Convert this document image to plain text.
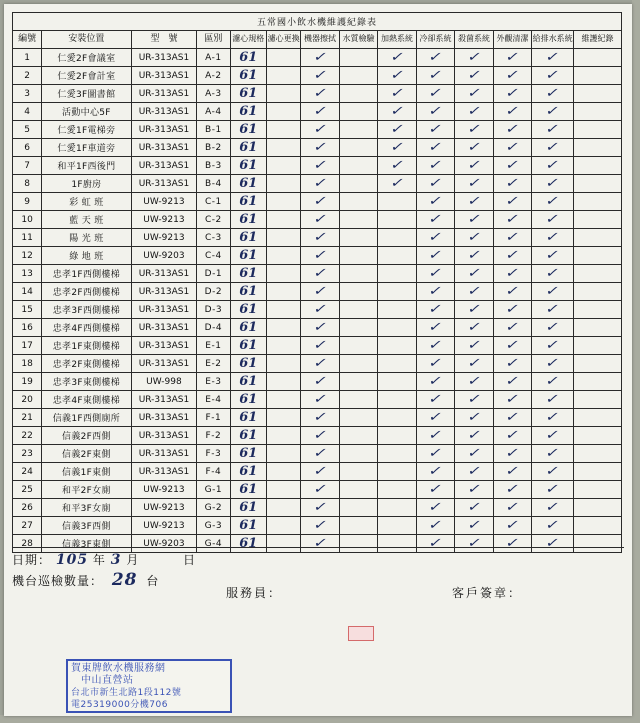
五常國小飲水機維護紀錄表													
編號	安裝位置	型　號	區別	濾心規格	濾心更換	機器擦拭	水質檢驗	加熱系統	冷卻系統	殺菌系統	外觀清潔	給排水系統	維護紀錄
1	仁愛2F會議室	UR-313AS1	A-1	61		✓		✓	✓	✓	✓	✓	
2	仁愛2F會計室	UR-313AS1	A-2	61		✓		✓	✓	✓	✓	✓	
3	仁愛3F圖書館	UR-313AS1	A-3	61		✓		✓	✓	✓	✓	✓	
4	活動中心5F	UR-313AS1	A-4	61		✓		✓	✓	✓	✓	✓	
5	仁愛1F電梯旁	UR-313AS1	B-1	61		✓		✓	✓	✓	✓	✓	
6	仁愛1F車道旁	UR-313AS1	B-2	61		✓		✓	✓	✓	✓	✓	
7	和平1F西後門	UR-313AS1	B-3	61		✓		✓	✓	✓	✓	✓	
8	1F廚房	UR-313AS1	B-4	61		✓		✓	✓	✓	✓	✓	
9	彩 虹 班	UW-9213	C-1	61		✓			✓	✓	✓	✓	
10	藍 天 班	UW-9213	C-2	61		✓			✓	✓	✓	✓	
11	陽 光 班	UW-9213	C-3	61		✓			✓	✓	✓	✓	
12	綠 地 班	UW-9203	C-4	61		✓			✓	✓	✓	✓	
13	忠孝1F西側樓梯	UR-313AS1	D-1	61		✓			✓	✓	✓	✓	
14	忠孝2F西側樓梯	UR-313AS1	D-2	61		✓			✓	✓	✓	✓	
15	忠孝3F西側樓梯	UR-313AS1	D-3	61		✓			✓	✓	✓	✓	
16	忠孝4F西側樓梯	UR-313AS1	D-4	61		✓			✓	✓	✓	✓	
17	忠孝1F東側樓梯	UR-313AS1	E-1	61		✓			✓	✓	✓	✓	
18	忠孝2F東側樓梯	UR-313AS1	E-2	61		✓			✓	✓	✓	✓	
19	忠孝3F東側樓梯	UW-998	E-3	61		✓			✓	✓	✓	✓	
20	忠孝4F東側樓梯	UR-313AS1	E-4	61		✓			✓	✓	✓	✓	
21	信義1F西側廁所	UR-313AS1	F-1	61		✓			✓	✓	✓	✓	
22	信義2F西側	UR-313AS1	F-2	61		✓			✓	✓	✓	✓	
23	信義2F東側	UR-313AS1	F-3	61		✓			✓	✓	✓	✓	
24	信義1F東側	UR-313AS1	F-4	61		✓			✓	✓	✓	✓	
25	和平2F女廁	UW-9213	G-1	61		✓			✓	✓	✓	✓	
26	和平3F女廁	UW-9213	G-2	61		✓			✓	✓	✓	✓	
27	信義3F西側	UW-9213	G-3	61		✓			✓	✓	✓	✓	
28	信義3F東側	UW-9203	G-4	61		✓			✓	✓	✓	✓	
日期： 105 年 3 月	日
機台巡檢數量： 28 台
服務員：	客戶簽章：
賀東牌飲水機服務網
中山直營站
台北市新生北路1段112號
電25319000分機706
